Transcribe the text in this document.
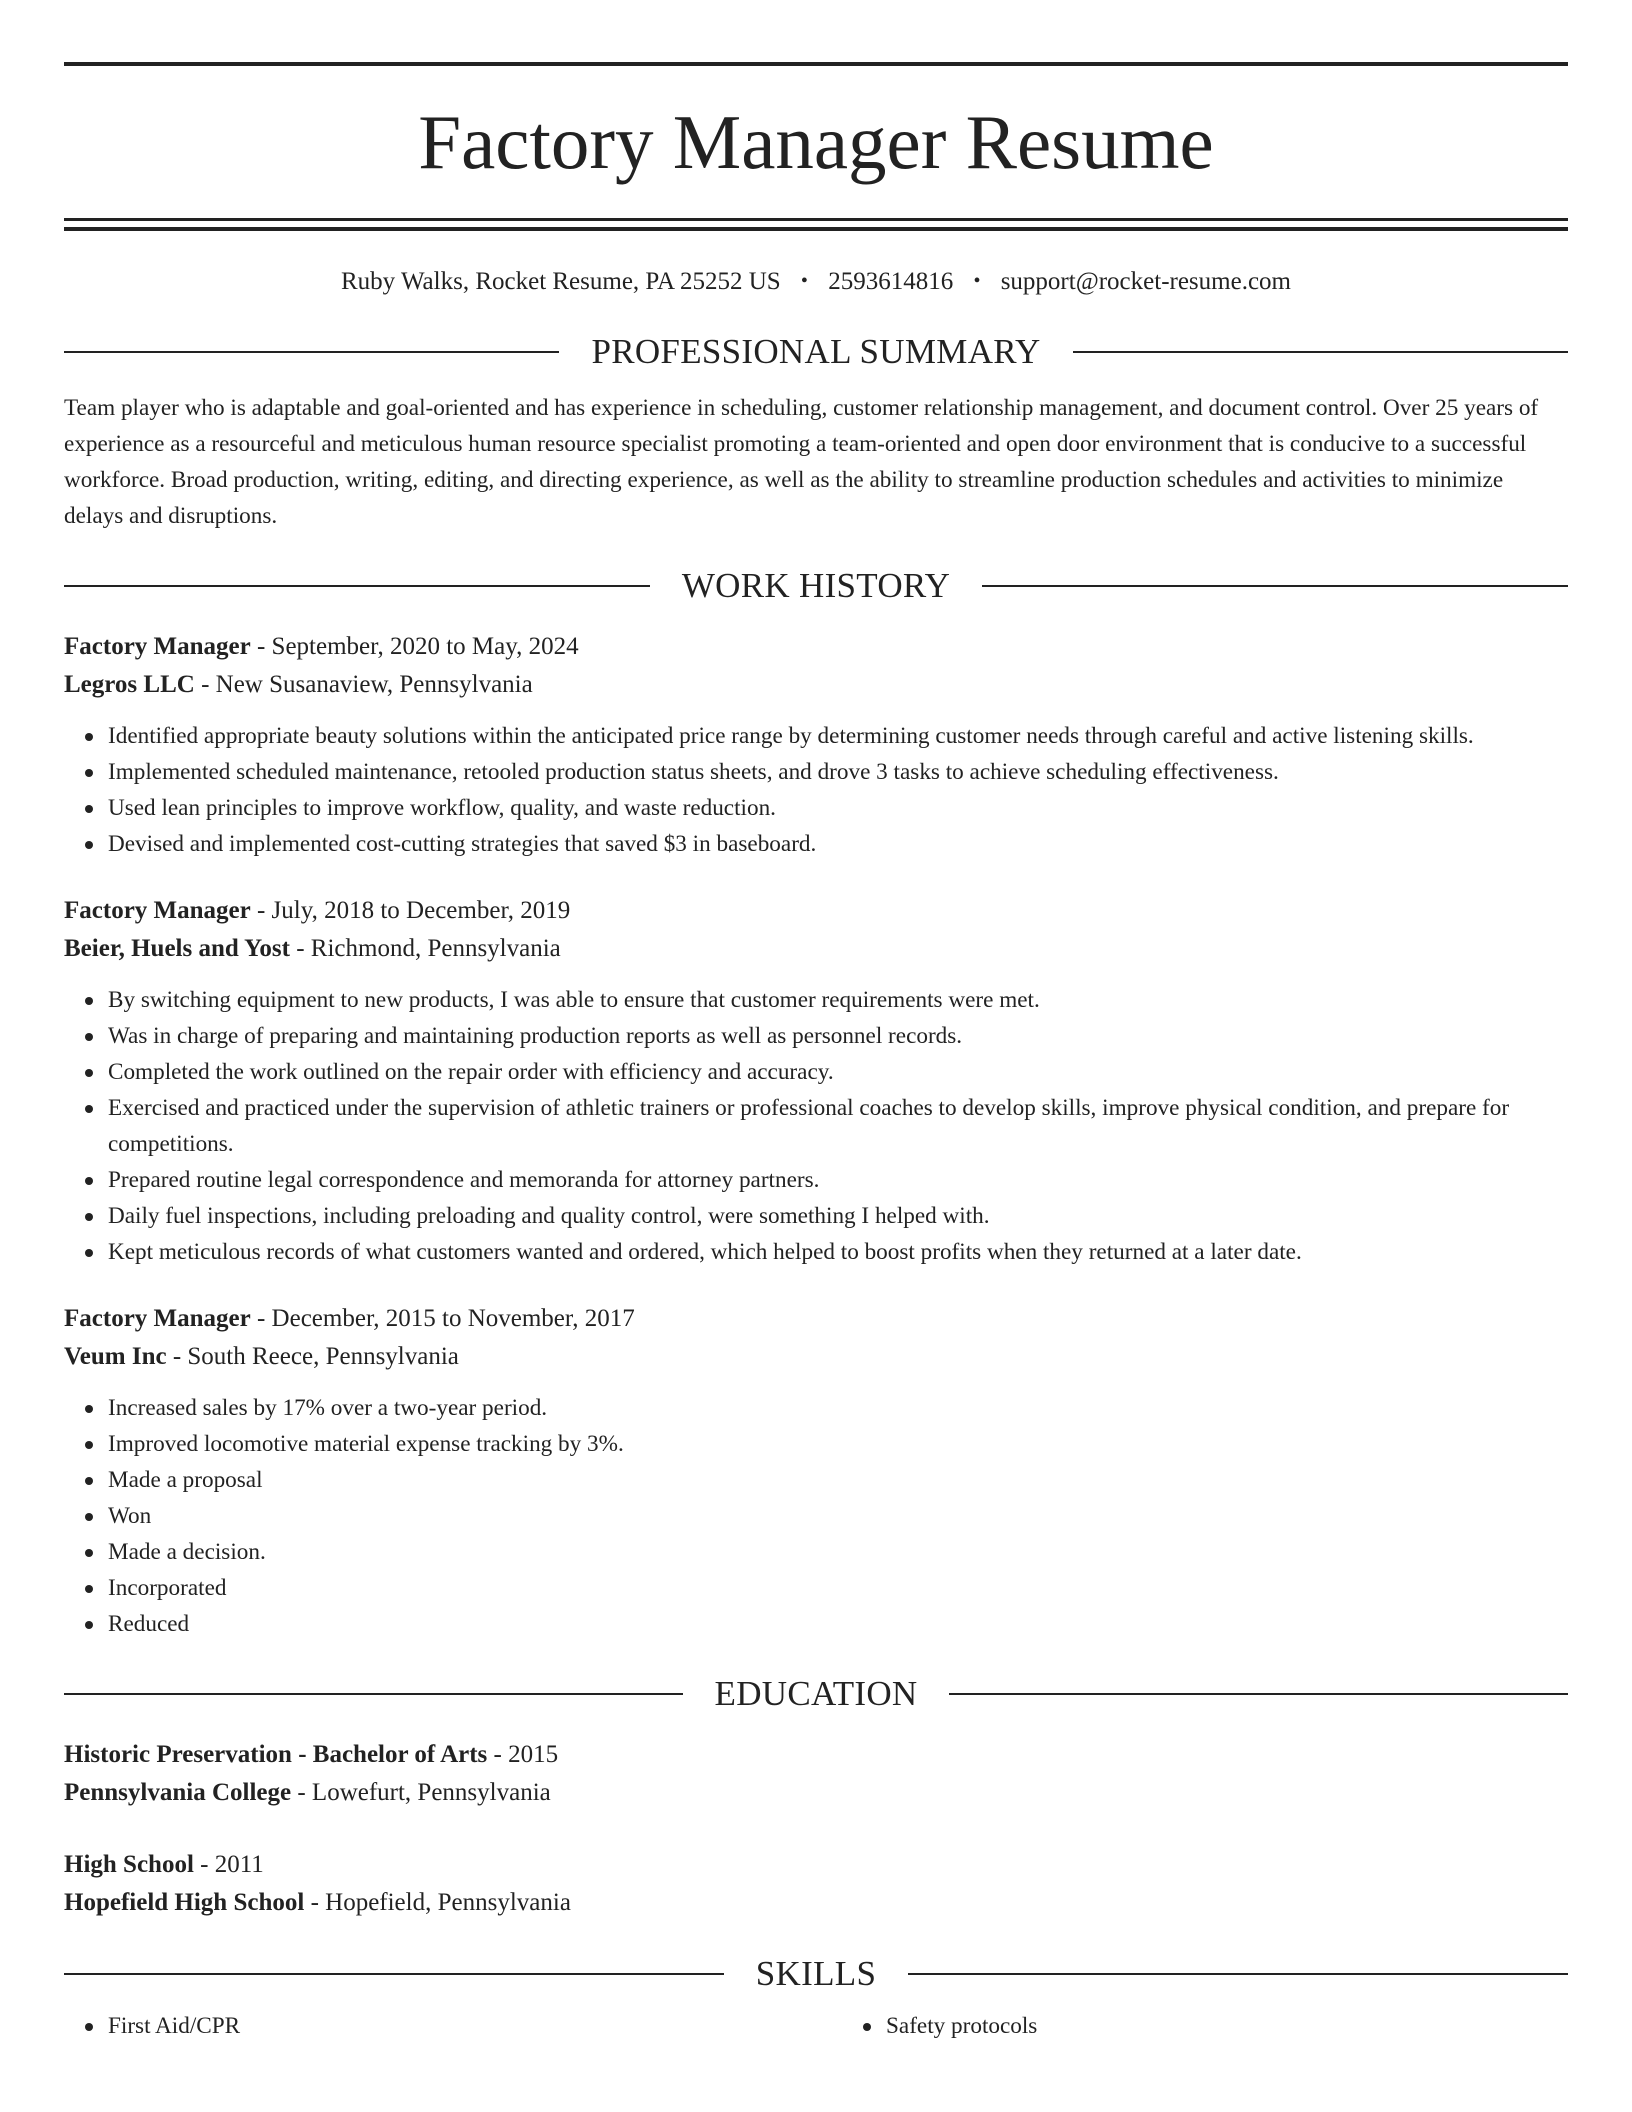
Factory Manager Resume
Ruby Walks, Rocket Resume, PA 25252 US • 2593614816 • support@rocket-resume.com
PROFESSIONAL SUMMARY
Team player who is adaptable and goal-oriented and has experience in scheduling, customer relationship management, and document control. Over 25 years of experience as a resourceful and meticulous human resource specialist promoting a team-oriented and open door environment that is conducive to a successful workforce. Broad production, writing, editing, and directing experience, as well as the ability to streamline production schedules and activities to minimize delays and disruptions.
WORK HISTORY
Factory Manager - September, 2020 to May, 2024
Legros LLC - New Susanaview, Pennsylvania
Identified appropriate beauty solutions within the anticipated price range by determining customer needs through careful and active listening skills.
Implemented scheduled maintenance, retooled production status sheets, and drove 3 tasks to achieve scheduling effectiveness.
Used lean principles to improve workflow, quality, and waste reduction.
Devised and implemented cost-cutting strategies that saved $3 in baseboard.
Factory Manager - July, 2018 to December, 2019
Beier, Huels and Yost - Richmond, Pennsylvania
By switching equipment to new products, I was able to ensure that customer requirements were met.
Was in charge of preparing and maintaining production reports as well as personnel records.
Completed the work outlined on the repair order with efficiency and accuracy.
Exercised and practiced under the supervision of athletic trainers or professional coaches to develop skills, improve physical condition, and prepare for competitions.
Prepared routine legal correspondence and memoranda for attorney partners.
Daily fuel inspections, including preloading and quality control, were something I helped with.
Kept meticulous records of what customers wanted and ordered, which helped to boost profits when they returned at a later date.
Factory Manager - December, 2015 to November, 2017
Veum Inc - South Reece, Pennsylvania
Increased sales by 17% over a two-year period.
Improved locomotive material expense tracking by 3%.
Made a proposal
Won
Made a decision.
Incorporated
Reduced
EDUCATION
Historic Preservation - Bachelor of Arts - 2015
Pennsylvania College - Lowefurt, Pennsylvania
High School - 2011
Hopefield High School - Hopefield, Pennsylvania
SKILLS
First Aid/CPR	Safety protocols
